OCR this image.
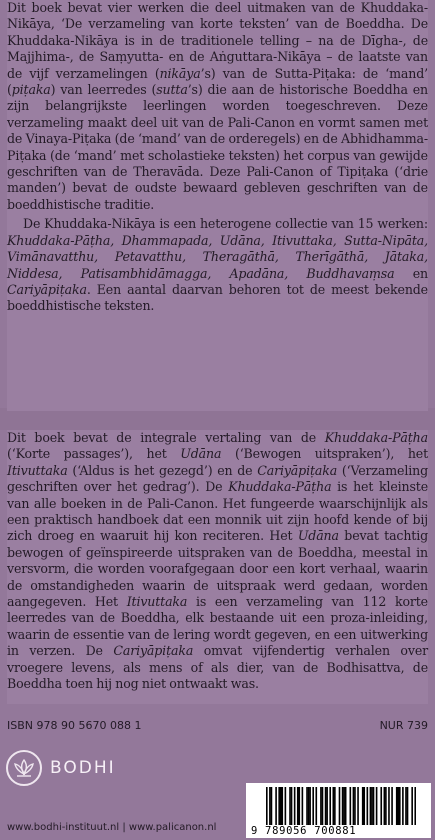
Dit boek bevat vier werken die deel uitmaken van de Khuddaka-Nikāya, ‘De verzameling van korte teksten’ van de Boeddha. De Khuddaka-Nikāya is in de traditionele telling – na de Dīgha-, de Majjhima-, de Saṃyutta- en de Aṅguttara-Nikāya – de laatste van de vijf verzamelingen (nikāya’s) van de Sutta-Piṭaka: de ‘mand’ (piṭaka) van leerredes (sutta’s) die aan de historische Boeddha en zijn belangrijkste leerlingen worden toegeschreven. Deze verzameling maakt deel uit van de Pali-Canon en vormt samen met de Vinaya-Piṭaka (de ‘mand’ van de orderegels) en de Abhidhamma-Piṭaka (de ‘mand’ met scholastieke teksten) het corpus van gewijde geschriften van de Theravāda. Deze Pali-Canon of Tipiṭaka (‘drie manden’) bevat de oudste bewaard gebleven geschriften van de boeddhistische traditie.

De Khuddaka-Nikāya is een heterogene collectie van 15 werken: Khuddaka-Pāṭha, Dhammapada, Udāna, Itivuttaka, Sutta-Nipāta, Vimānavatthu, Petavatthu, Theragāthā, Therīgāthā, Jātaka, Niddesa, Patisambhidāmagga, Apadāna, Buddhavaṃsa en Cariyāpiṭaka. Een aantal daarvan behoren tot de meest bekende boeddhistische teksten.

Dit boek bevat de integrale vertaling van de Khuddaka-Pāṭha (‘Korte passages’), het Udāna (‘Bewogen uitspraken’), het Itivuttaka (‘Aldus is het gezegd’) en de Cariyāpiṭaka (‘Verzameling geschriften over het gedrag’). De Khuddaka-Pāṭha is het kleinste van alle boeken in de Pali-Canon. Het fungeerde waarschijnlijk als een praktisch handboek dat een monnik uit zijn hoofd kende of bij zich droeg en waaruit hij kon reciteren. Het Udāna bevat tachtig bewogen of geïnspireerde uitspraken van de Boeddha, meestal in versvorm, die worden voorafgegaan door een kort verhaal, waarin de omstandigheden waarin de uitspraak werd gedaan, worden aangegeven. Het Itivuttaka is een verzameling van 112 korte leerredes van de Boeddha, elk bestaande uit een proza-inleiding, waarin de essentie van de lering wordt gegeven, en een uitwerking in verzen. De Cariyāpiṭaka omvat vijfendertig verhalen over vroegere levens, als mens of als dier, van de Bodhisattva, de Boeddha toen hij nog niet ontwaakt was.

ISBN 978 90 5670 088 1	NUR 739
BODHI
www.bodhi-instituut.nl | www.palicanon.nl	9 789056 700881
